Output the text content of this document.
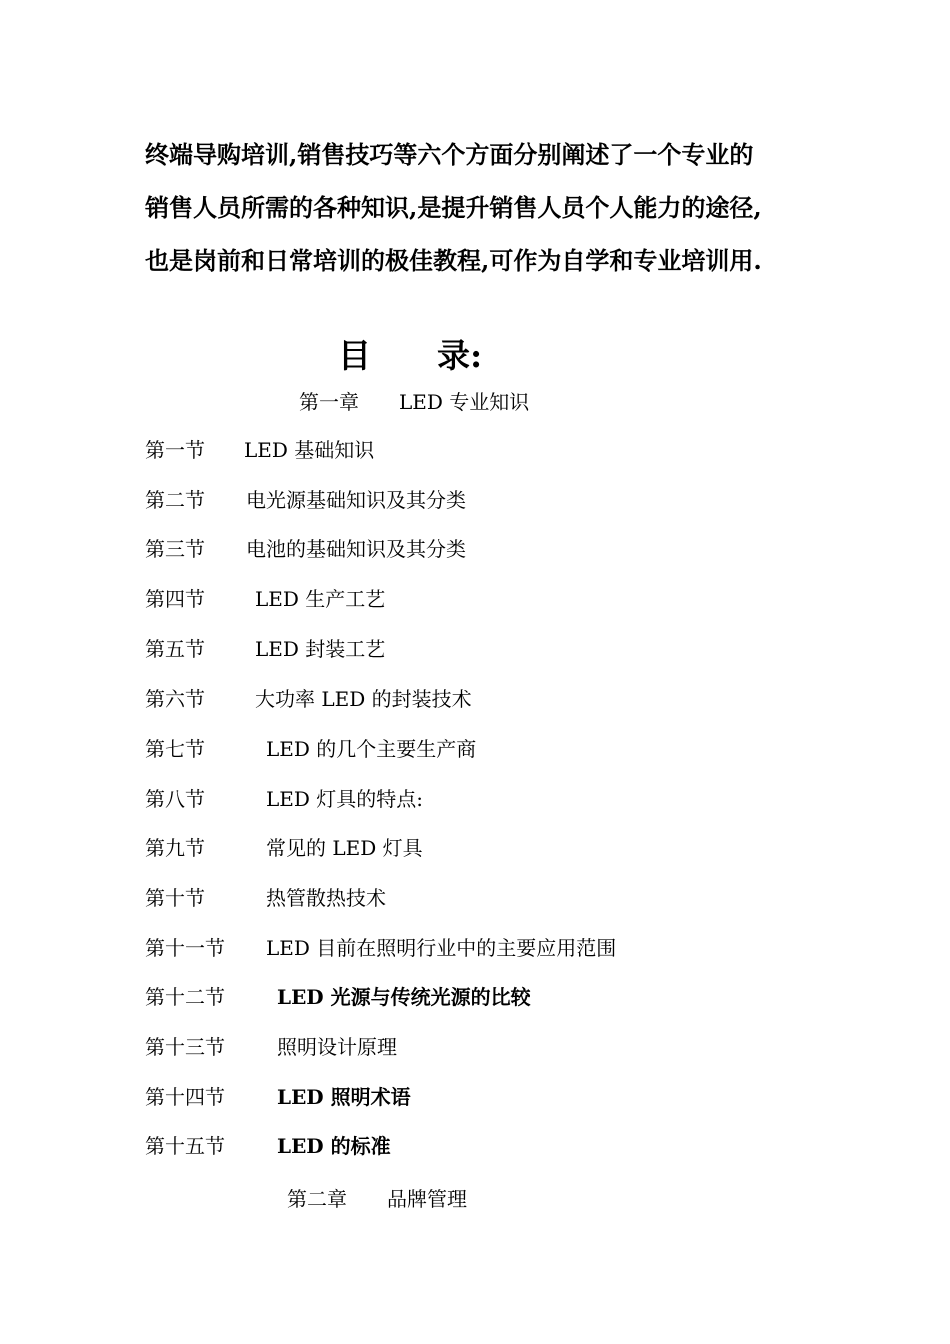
终端导购培训,销售技巧等六个方面分别阐述了一个专业的

销售人员所需的各种知识,是提升销售人员个人能力的途径,

也是岗前和日常培训的极佳教程,可作为自学和专业培训用.

目 录:
第一章 LED 专业知识
第一节 LED 基础知识
第二节 电光源基础知识及其分类
第三节 电池的基础知识及其分类
第四节	LED 生产工艺
第五节	LED 封装工艺
第六节	大功率 LED 的封装技术
第七节	LED 的几个主要生产商
第八节	LED 灯具的特点:
第九节	常见的 LED 灯具
第十节	热管散热技术
第十一节 LED 目前在照明行业中的主要应用范围
第十二节	LED 光源与传统光源的比较
第十三节	照明设计原理
第十四节	LED 照明术语
第十五节	LED 的标准
第二章 品牌管理
